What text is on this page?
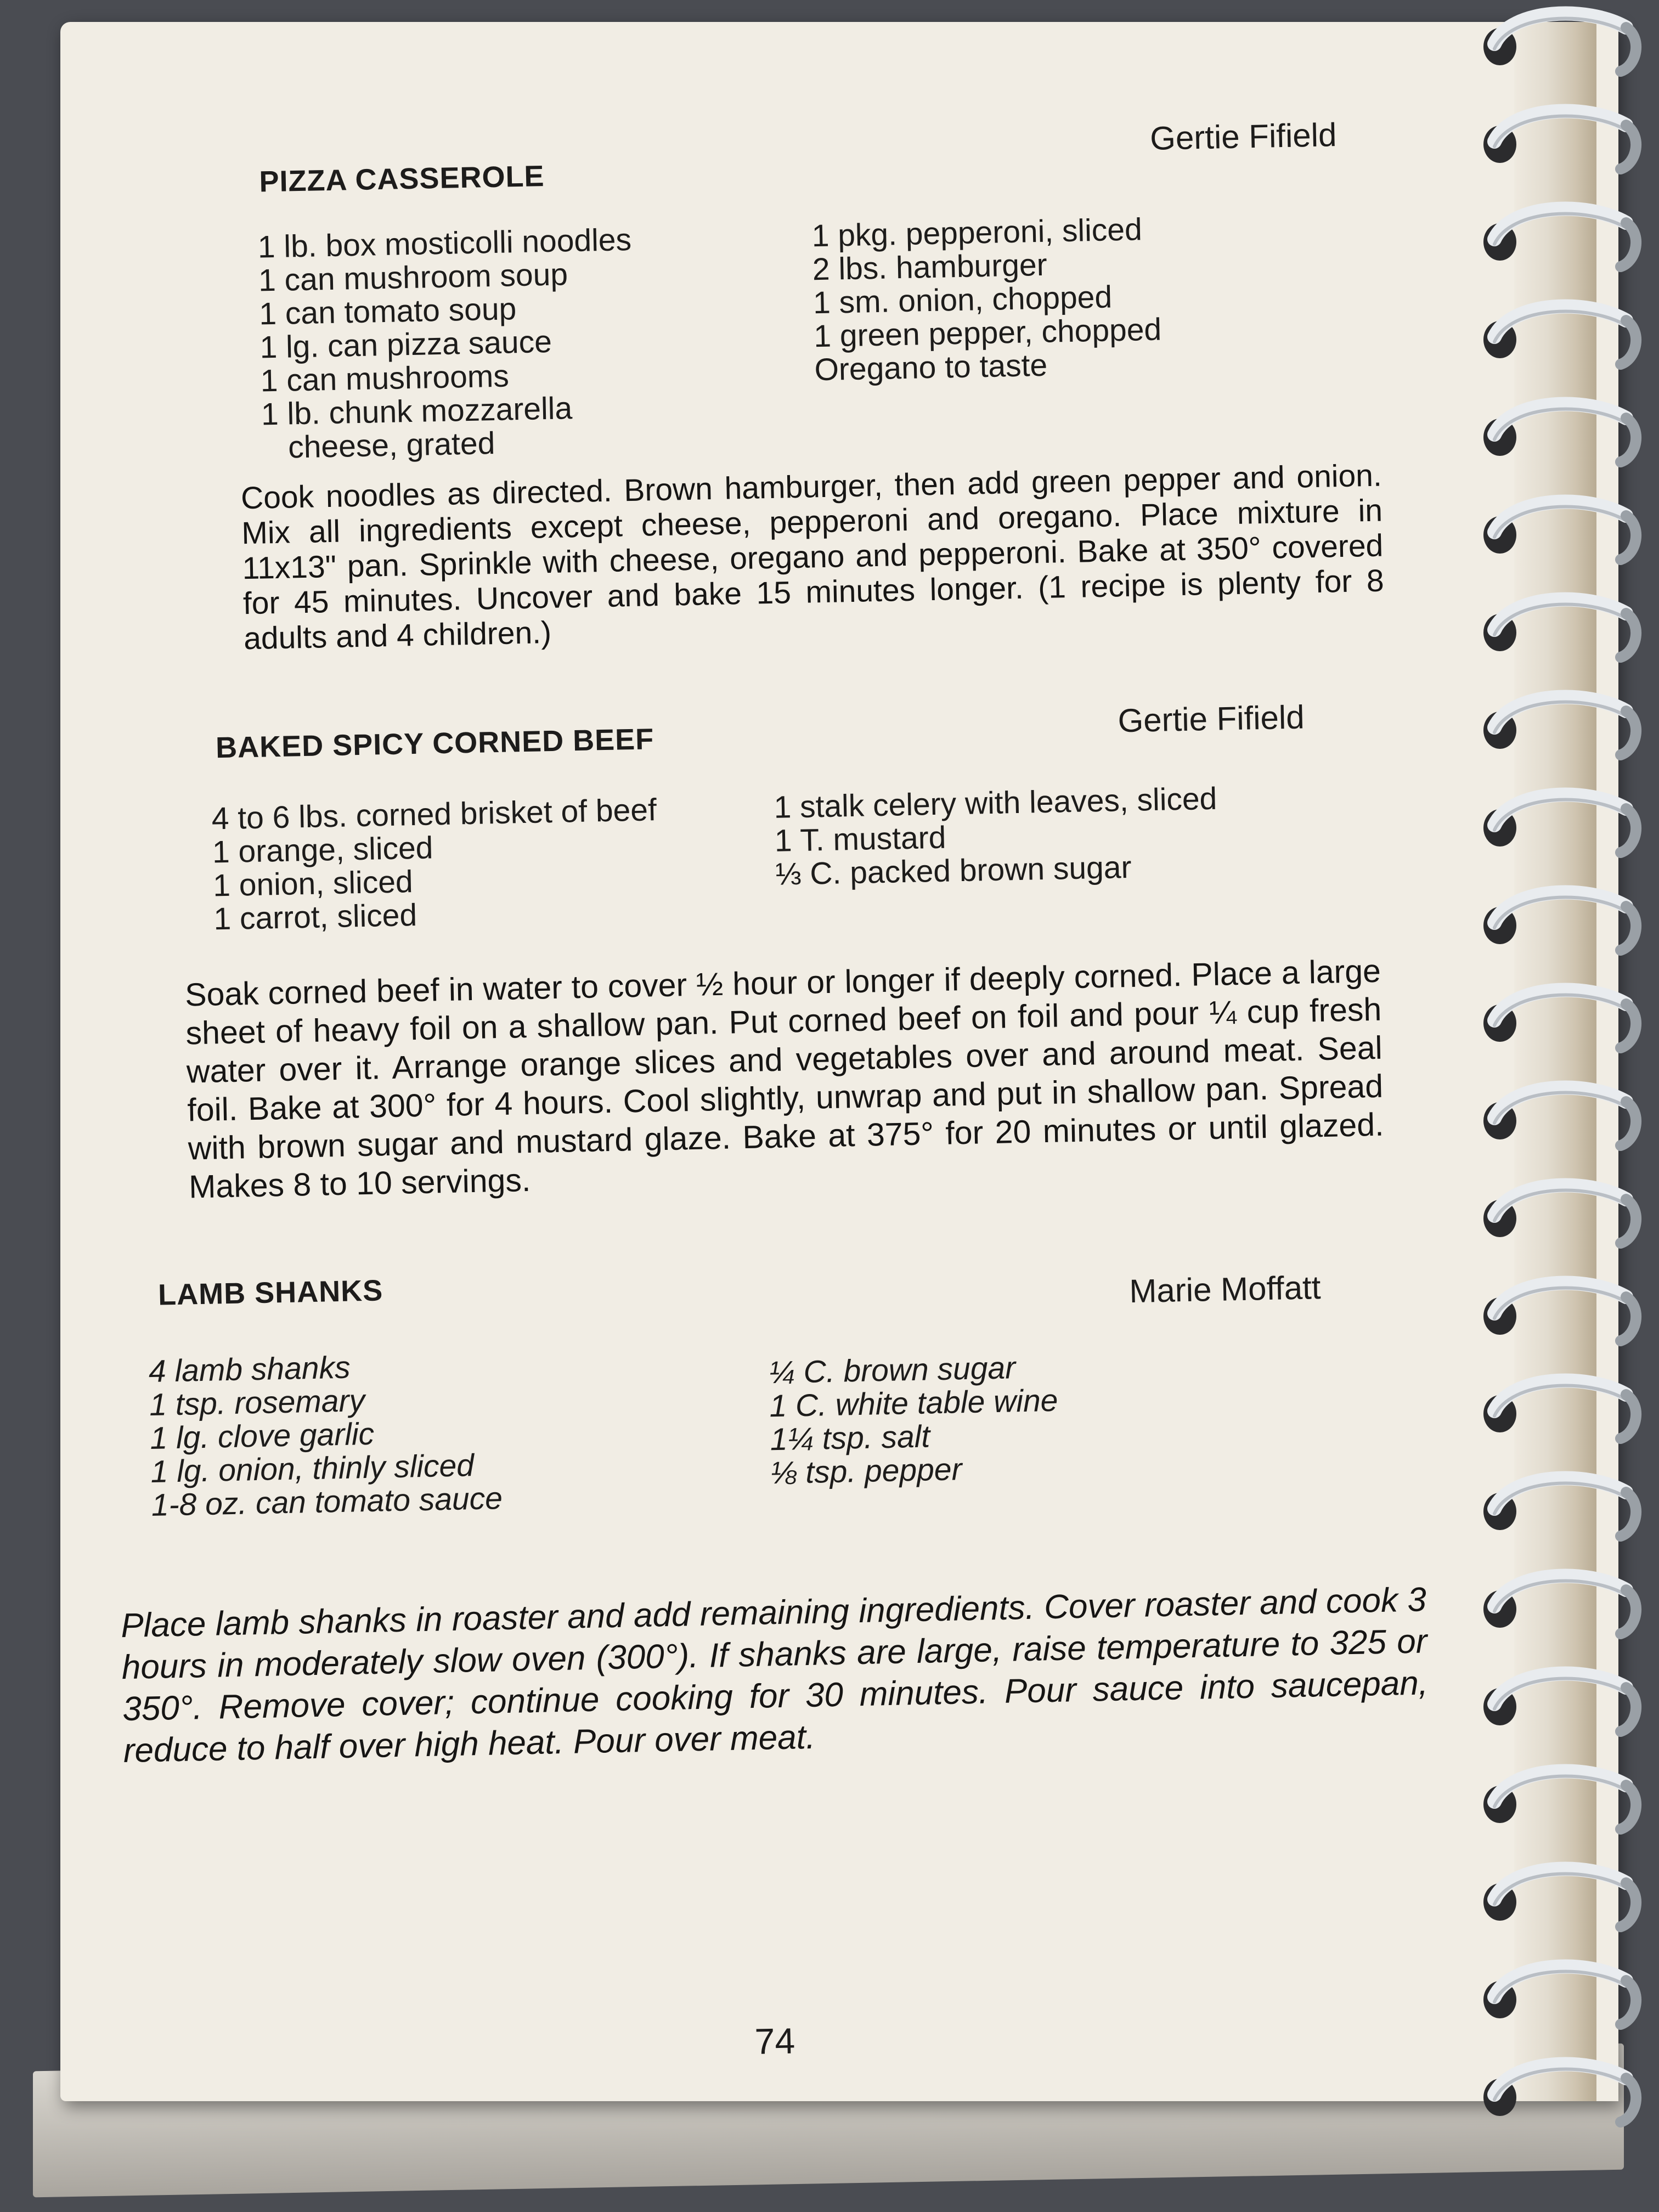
PIZZA CASSEROLE
Gertie Fifield
1 lb. box mosticolli noodles
1 can mushroom soup
1 can tomato soup
1 lg. can pizza sauce
1 can mushrooms
1 lb. chunk mozzarella
cheese, grated
1 pkg. pepperoni, sliced
2 lbs. hamburger
1 sm. onion, chopped
1 green pepper, chopped
Oregano to taste
Cook noodles as directed. Brown hamburger, then add green pepper and onion. Mix all ingredients except cheese, pepperoni and oregano. Place mixture in 11x13" pan. Sprinkle with cheese, oregano and pepperoni. Bake at 350° covered for 45 minutes. Uncover and bake 15 minutes longer. (1 recipe is plenty for 8 adults and 4 children.)
BAKED SPICY CORNED BEEF
Gertie Fifield
4 to 6 lbs. corned brisket of beef
1 orange, sliced
1 onion, sliced
1 carrot, sliced
1 stalk celery with leaves, sliced
1 T. mustard
⅓ C. packed brown sugar
Soak corned beef in water to cover ½ hour or longer if deeply corned. Place a large sheet of heavy foil on a shallow pan. Put corned beef on foil and pour ¼ cup fresh water over it. Arrange orange slices and vegetables over and around meat. Seal foil. Bake at 300° for 4 hours. Cool slightly, unwrap and put in shallow pan. Spread with brown sugar and mustard glaze. Bake at 375° for 20 minutes or until glazed. Makes 8 to 10 servings.
LAMB SHANKS	Marie Moffatt
4 lamb shanks
1 tsp. rosemary
1 lg. clove garlic
1 lg. onion, thinly sliced
1-8 oz. can tomato sauce
¼ C. brown sugar
1 C. white table wine
1¼ tsp. salt
⅛ tsp. pepper
Place lamb shanks in roaster and add remaining ingredients. Cover roaster and cook 3 hours in moderately slow oven (300°). If shanks are large, raise temperature to 325 or 350°. Remove cover; continue cooking for 30 minutes. Pour sauce into saucepan, reduce to half over high heat. Pour over meat.
74
